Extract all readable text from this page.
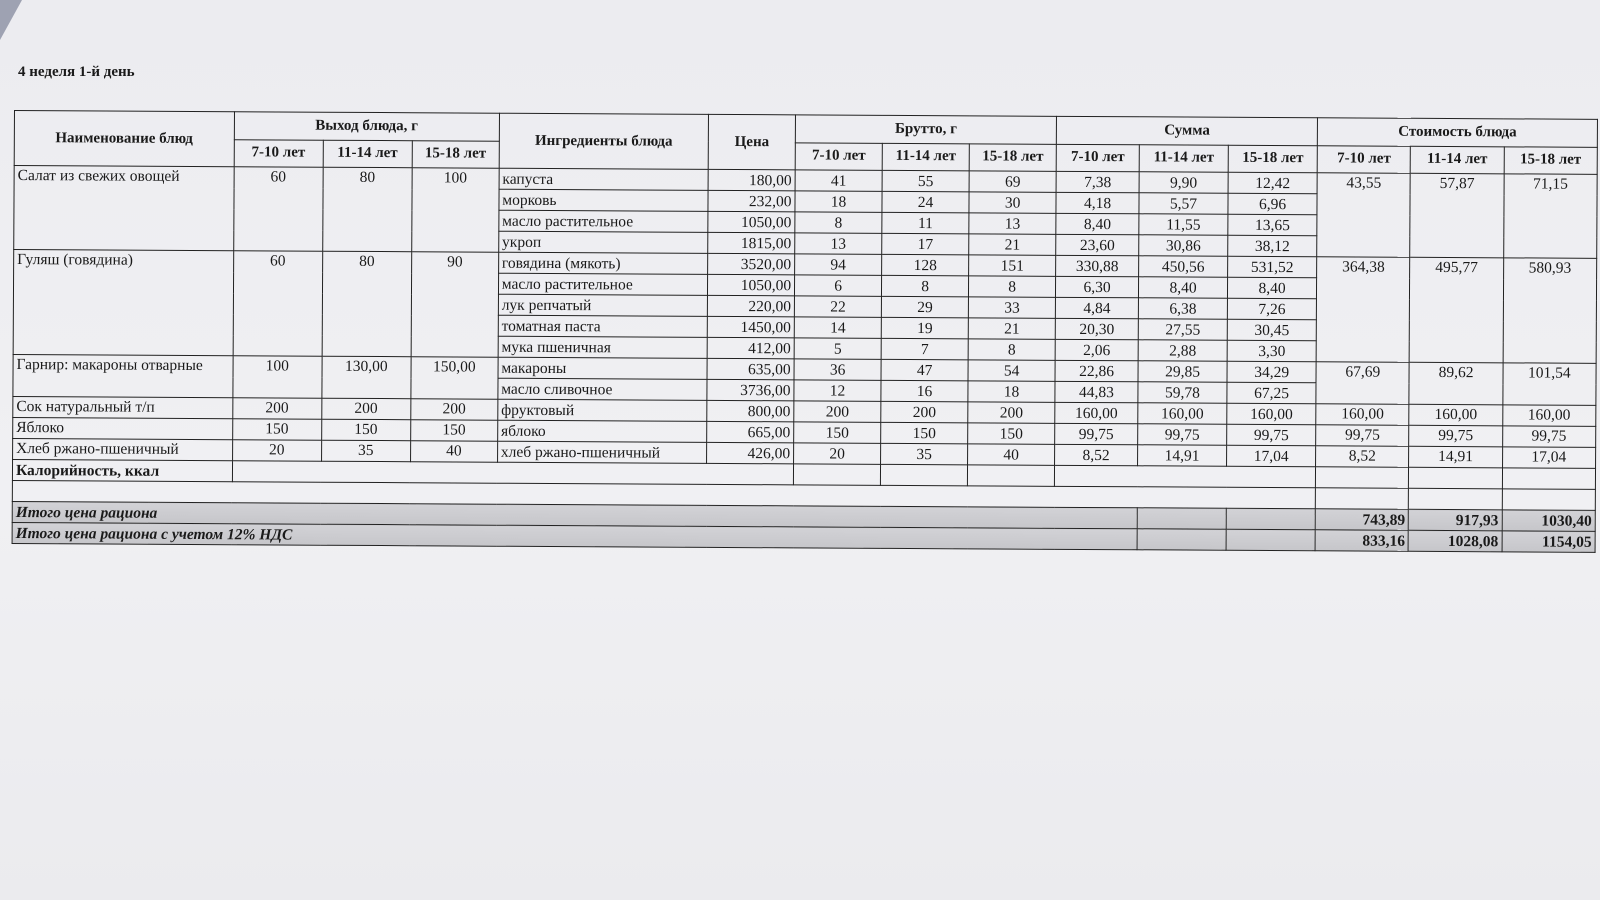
4 неделя 1-й день
Наименование блюд	Выход блюда, г			Ингредиенты блюда	Цена	Брутто, г			Сумма			Стоимость блюда		
	7-10 лет	11-14 лет	15-18 лет			7-10 лет	11-14 лет	15-18 лет	7-10 лет	11-14 лет	15-18 лет	7-10 лет	11-14 лет	15-18 лет
Салат из свежих овощей	60	80	100	капуста	180,00	41	55	69	7,38	9,90	12,42	43,55	57,87	71,15
				морковь	232,00	18	24	30	4,18	5,57	6,96			
				масло растительное	1050,00	8	11	13	8,40	11,55	13,65			
				укроп	1815,00	13	17	21	23,60	30,86	38,12			
Гуляш (говядина)	60	80	90	говядина (мякоть)	3520,00	94	128	151	330,88	450,56	531,52	364,38	495,77	580,93
				масло растительное	1050,00	6	8	8	6,30	8,40	8,40			
				лук репчатый	220,00	22	29	33	4,84	6,38	7,26			
				томатная паста	1450,00	14	19	21	20,30	27,55	30,45			
				мука пшеничная	412,00	5	7	8	2,06	2,88	3,30			
Гарнир: макароны отварные	100	130,00	150,00	макароны	635,00	36	47	54	22,86	29,85	34,29	67,69	89,62	101,54
				масло сливочное	3736,00	12	16	18	44,83	59,78	67,25			
Сок натуральный т/п	200	200	200	фруктовый	800,00	200	200	200	160,00	160,00	160,00	160,00	160,00	160,00
Яблоко	150	150	150	яблоко	665,00	150	150	150	99,75	99,75	99,75	99,75	99,75	99,75
Хлеб ржано-пшеничный	20	35	40	хлеб ржано-пшеничный	426,00	20	35	40	8,52	14,91	17,04	8,52	14,91	17,04
Калорийность, ккал														

Итого цена рациона												743,89	917,93	1030,40
Итого цена рациона с учетом 12% НДС												833,16	1028,08	1154,05
